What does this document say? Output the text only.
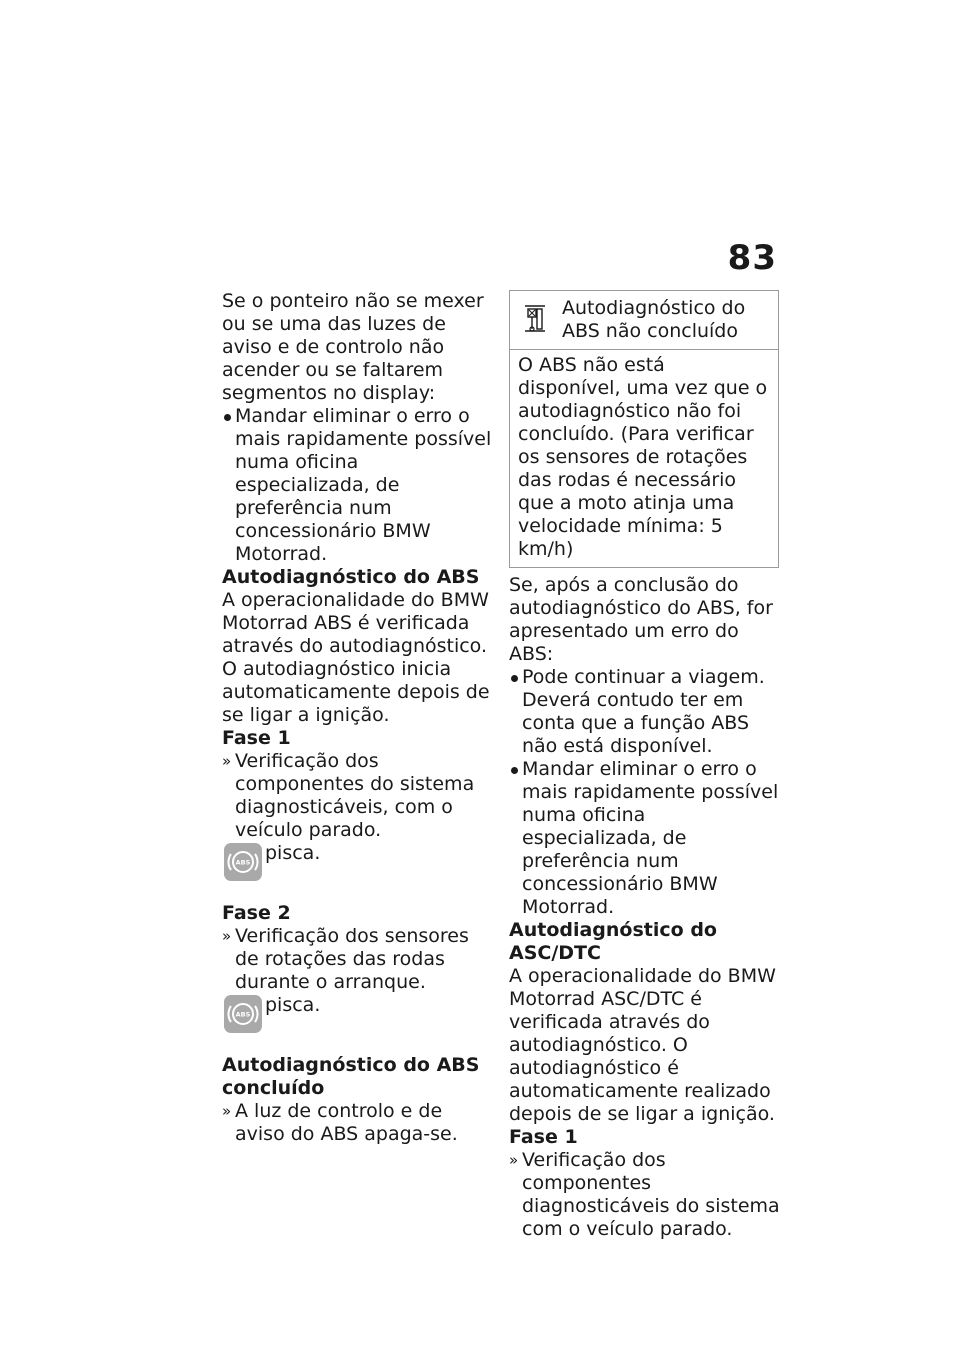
83

Se o ponteiro não se mexer ou se uma das luzes de aviso e de controlo não acender ou se faltarem segmentos no display:

Mandar eliminar o erro o mais rapidamente possível numa oficina especializada, de preferência num concessionário BMW Motorrad.

Autodiagnóstico do ABS

A operacionalidade do BMW Motorrad ABS é verificada através do autodiagnóstico. O autodiagnóstico inicia automaticamente depois de se ligar a ignição.

Fase 1

» Verificação dos componentes do sistema diagnosticáveis, com o veículo parado.
ABS pisca.

Fase 2

» Verificação dos sensores de rotações das rodas durante o arranque.
ABS pisca.

Autodiagnóstico do ABS concluído

» A luz de controlo e de aviso do ABS apaga-se.
Autodiagnóstico do ABS não concluído
O ABS não está disponível, uma vez que o autodiagnóstico não foi concluído. (Para verificar os sensores de rotações das rodas é necessário que a moto atinja uma velocidade mínima: 5 km/h)

Se, após a conclusão do autodiagnóstico do ABS, for apresentado um erro do ABS:

Pode continuar a viagem. Deverá contudo ter em conta que a função ABS não está disponível.
Mandar eliminar o erro o mais rapidamente possível numa oficina especializada, de preferência num concessionário BMW Motorrad.

Autodiagnóstico do ASC/DTC

A operacionalidade do BMW Motorrad ASC/DTC é verificada através do autodiagnóstico. O autodiagnóstico é automaticamente realizado depois de se ligar a ignição.

Fase 1

» Verificação dos componentes diagnosticáveis do sistema com o veículo parado.
